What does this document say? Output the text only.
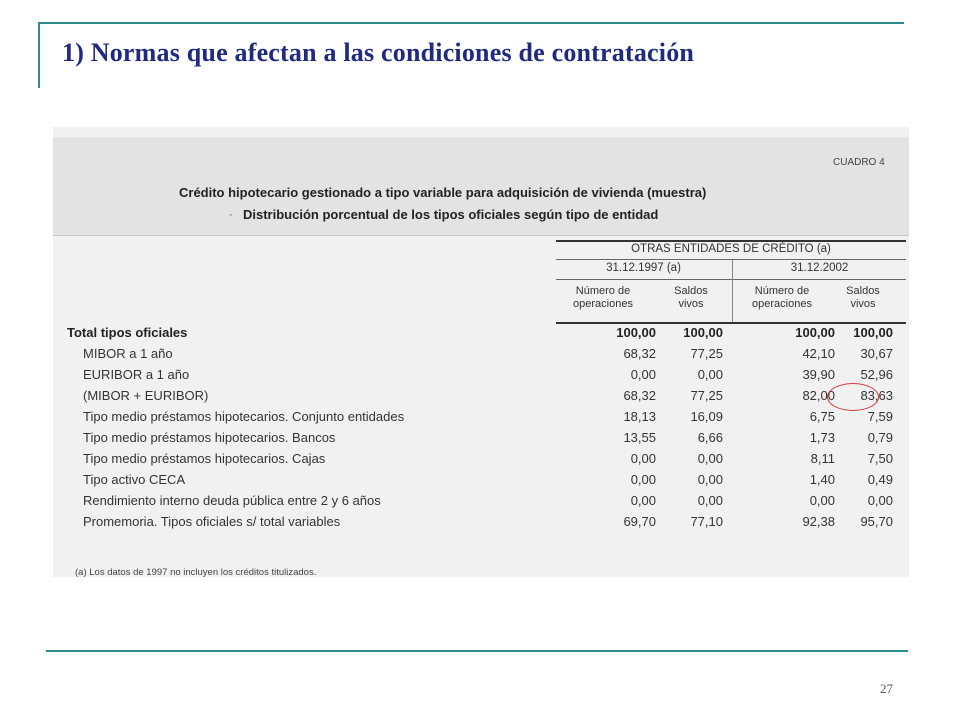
1) Normas que afectan a las condiciones de contratación
CUADRO 4
Crédito hipotecario gestionado a tipo variable para adquisición de vivienda (muestra)
· Distribución porcentual de los tipos oficiales según tipo de entidad
OTRAS ENTIDADES DE CRÉDITO (a)
31.12.1997 (a)	31.12.2002
Número de operaciones
Saldos vivos
Número de operaciones
Saldos vivos
Total tipos oficiales	100,00	100,00	100,00	100,00
MIBOR a 1 año	68,32	77,25	42,10	30,67
EURIBOR a 1 año	0,00	0,00	39,90	52,96
(MIBOR + EURIBOR)	68,32	77,25	82,00	83,63
Tipo medio préstamos hipotecarios. Conjunto entidades	18,13	16,09	6,75	7,59
Tipo medio préstamos hipotecarios. Bancos	13,55	6,66	1,73	0,79
Tipo medio préstamos hipotecarios. Cajas	0,00	0,00	8,11	7,50
Tipo activo CECA	0,00	0,00	1,40	0,49
Rendimiento interno deuda pública entre 2 y 6 años	0,00	0,00	0,00	0,00
Promemoria. Tipos oficiales s/ total variables	69,70	77,10	92,38	95,70
(a) Los datos de 1997 no incluyen los créditos titulizados.
27
